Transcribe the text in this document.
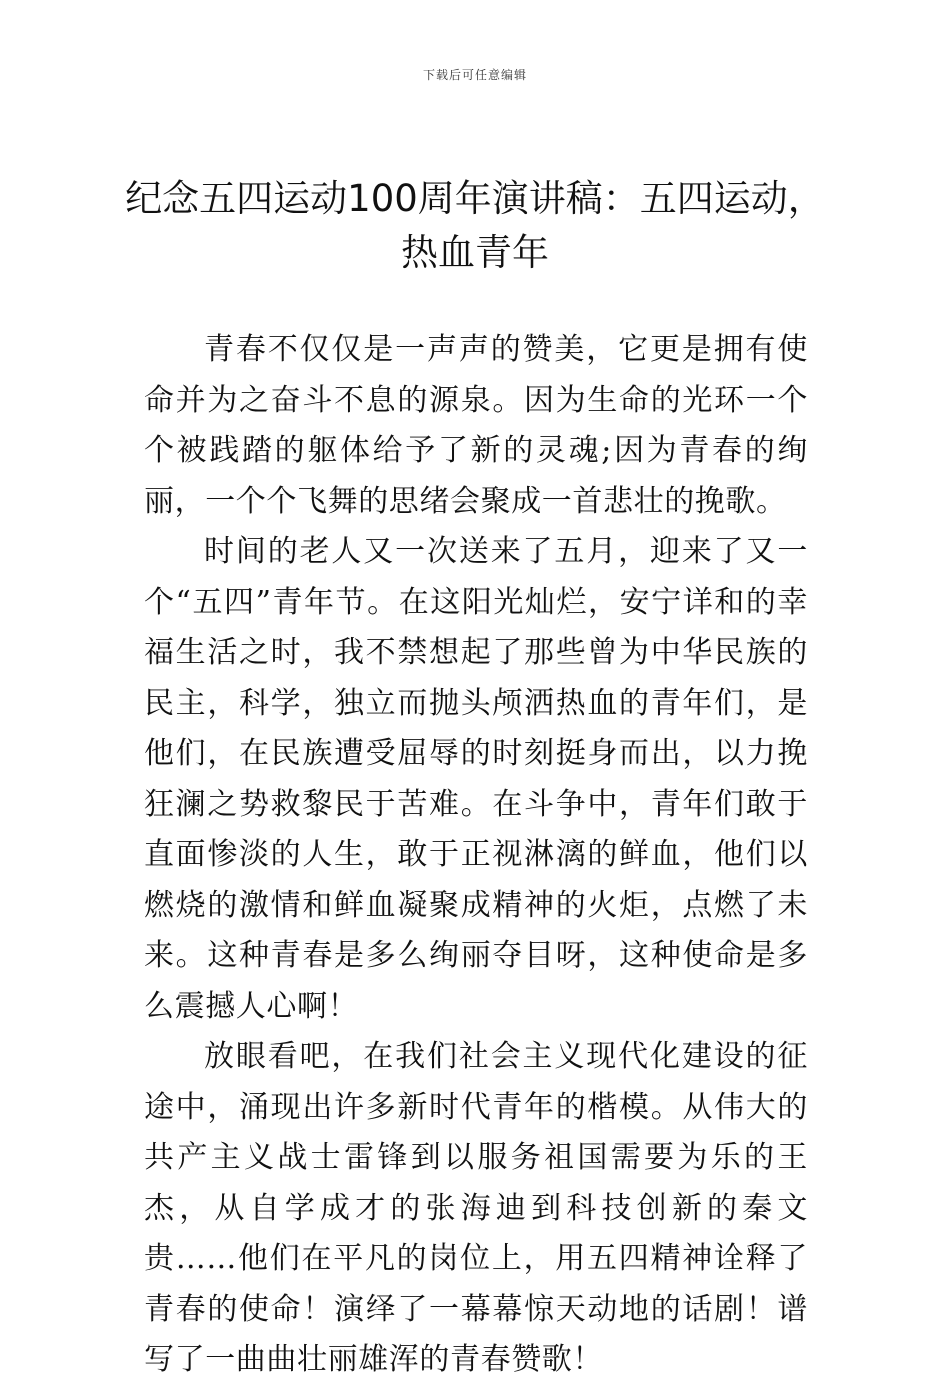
下载后可任意编辑
纪念五四运动100周年演讲稿：五四运动，热血青年

青春不仅仅是一声声的赞美，它更是拥有使命并为之奋斗不息的源泉。因为生命的光环一个个被践踏的躯体给予了新的灵魂;因为青春的绚丽，一个个飞舞的思绪会聚成一首悲壮的挽歌。

时间的老人又一次送来了五月，迎来了又一个“五四”青年节。在这阳光灿烂，安宁详和的幸福生活之时，我不禁想起了那些曾为中华民族的民主，科学，独立而抛头颅洒热血的青年们，是他们，在民族遭受屈辱的时刻挺身而出，以力挽狂澜之势救黎民于苦难。在斗争中，青年们敢于直面惨淡的人生，敢于正视淋漓的鲜血，他们以燃烧的激情和鲜血凝聚成精神的火炬，点燃了未来。这种青春是多么绚丽夺目呀，这种使命是多么震撼人心啊！

放眼看吧，在我们社会主义现代化建设的征途中，涌现出许多新时代青年的楷模。从伟大的共产主义战士雷锋到以服务祖国需要为乐的王杰，从自学成才的张海迪到科技创新的秦文贵……他们在平凡的岗位上，用五四精神诠释了青春的使命！演绎了一幕幕惊天动地的话剧！谱写了一曲曲壮丽雄浑的青春赞歌！
